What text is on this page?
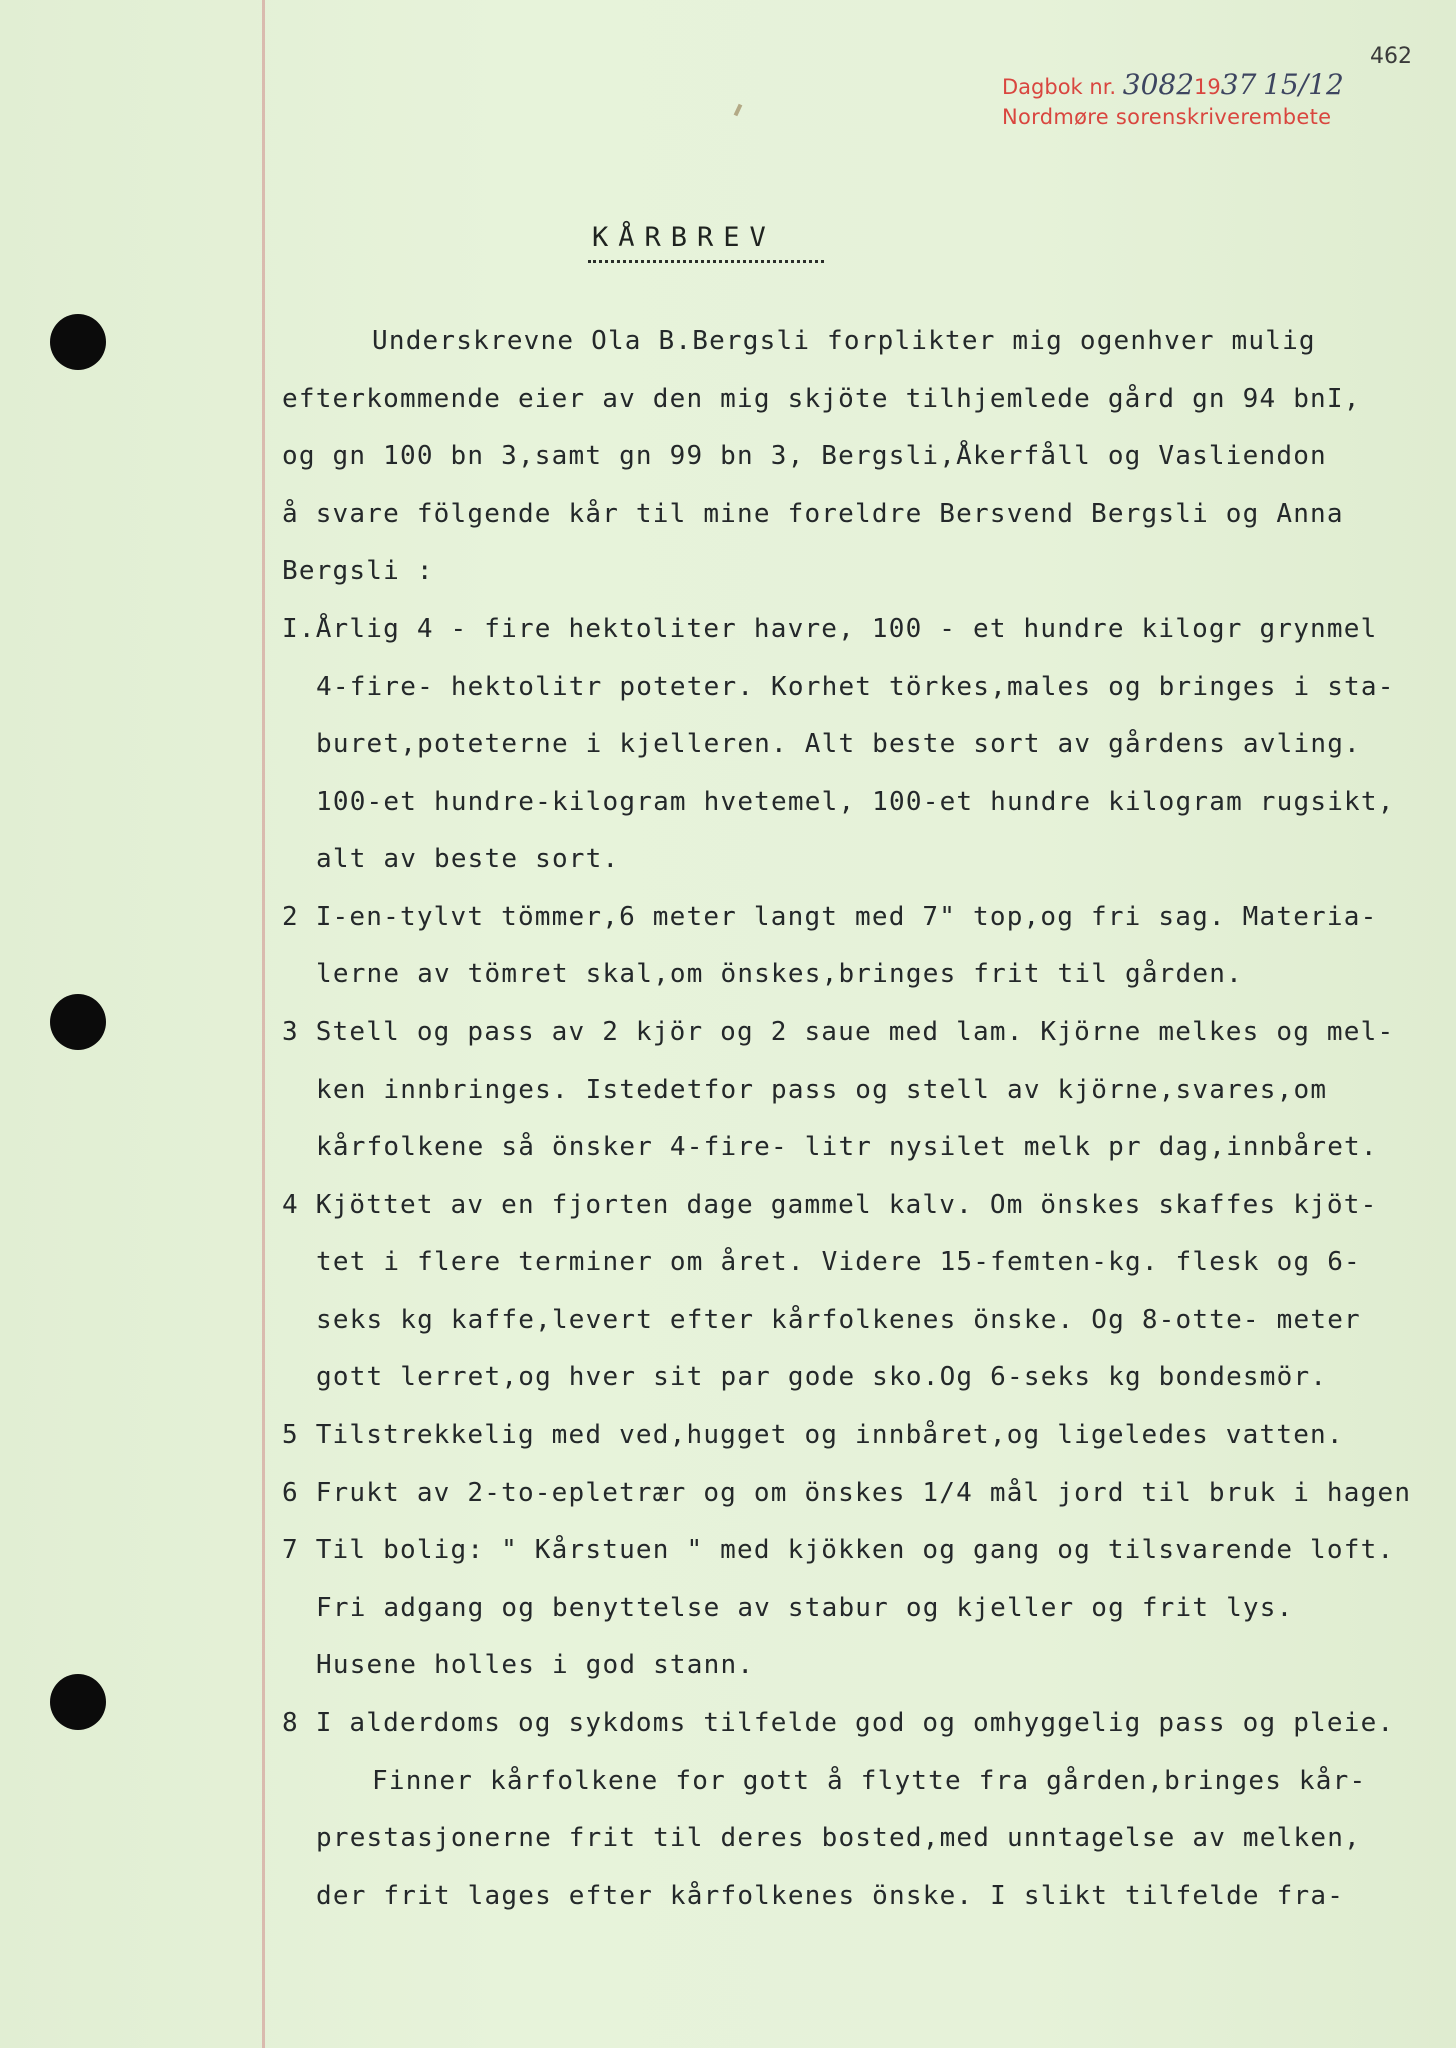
462
Dagbok nr. 30821937 15/12
Nordmøre sorenskriverembete
KÅRBREV
Underskrevne Ola B.Bergsli forplikter mig ogenhver mulig
efterkommende eier av den mig skjöte tilhjemlede gård gn 94 bnI,
og gn 100 bn 3,samt gn 99 bn 3, Bergsli,Åkerfåll og Vasliendon
å svare fölgende kår til mine foreldre Bersvend Bergsli og Anna
Bergsli :
I.Årlig 4 - fire hektoliter havre, 100 - et hundre kilogr grynmel
4-fire- hektolitr poteter. Korhet törkes,males og bringes i sta-
buret,poteterne i kjelleren. Alt beste sort av gårdens avling.
100-et hundre-kilogram hvetemel, 100-et hundre kilogram rugsikt,
alt av beste sort.
2 I-en-tylvt tömmer,6 meter langt med 7" top,og fri sag. Materia-
lerne av tömret skal,om önskes,bringes frit til gården.
3 Stell og pass av 2 kjör og 2 saue med lam. Kjörne melkes og mel-
ken innbringes. Istedetfor pass og stell av kjörne,svares,om
kårfolkene så önsker 4-fire- litr nysilet melk pr dag,innbåret.
4 Kjöttet av en fjorten dage gammel kalv. Om önskes skaffes kjöt-
tet i flere terminer om året. Videre 15-femten-kg. flesk og 6-
seks kg kaffe,levert efter kårfolkenes önske. Og 8-otte- meter
gott lerret,og hver sit par gode sko.Og 6-seks kg bondesmör.
5 Tilstrekkelig med ved,hugget og innbåret,og ligeledes vatten.
6 Frukt av 2-to-epletrær og om önskes 1/4 mål jord til bruk i hagen
7 Til bolig: " Kårstuen " med kjökken og gang og tilsvarende loft.
Fri adgang og benyttelse av stabur og kjeller og frit lys.
Husene holles i god stann.
8 I alderdoms og sykdoms tilfelde god og omhyggelig pass og pleie.
Finner kårfolkene for gott å flytte fra gården,bringes kår-
prestasjonerne frit til deres bosted,med unntagelse av melken,
der frit lages efter kårfolkenes önske. I slikt tilfelde fra-
